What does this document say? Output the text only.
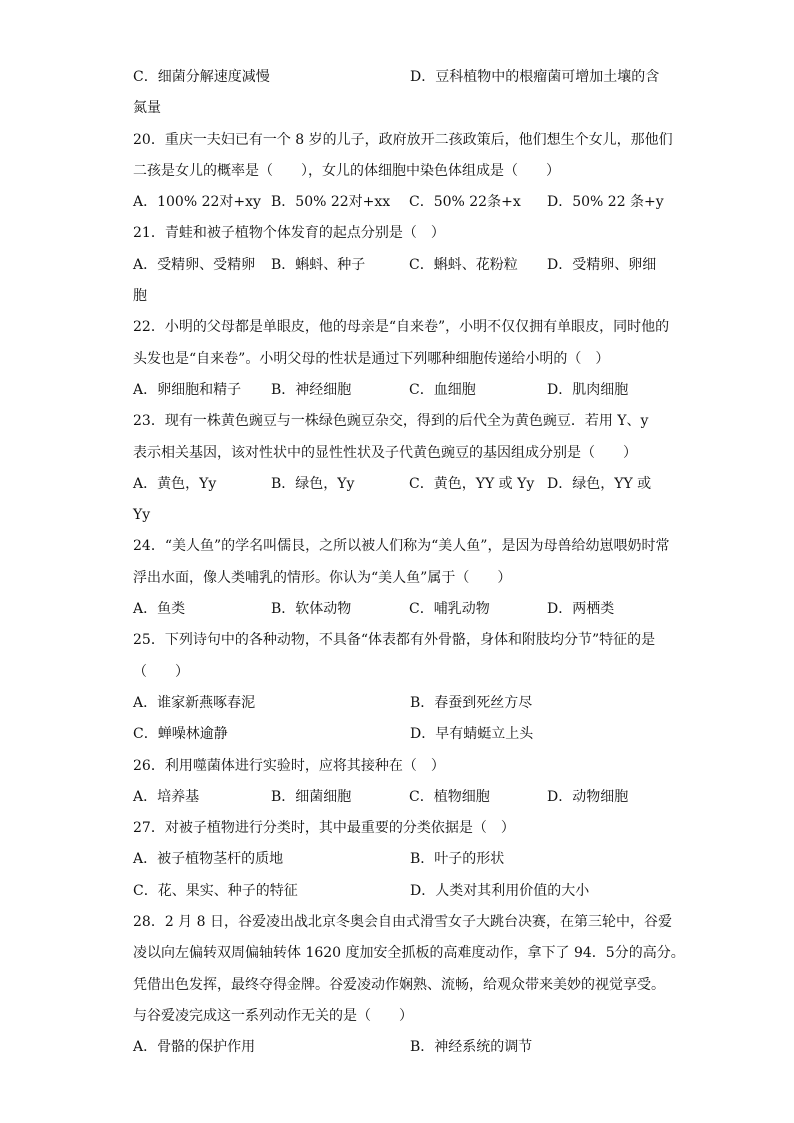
C．细菌分解速度减慢	D．豆科植物中的根瘤菌可增加土壤的含
氮量
20．重庆一夫妇已有一个 8 岁的儿子，政府放开二孩政策后，他们想生个女儿，那他们
二孩是女儿的概率是（　　），女儿的体细胞中染色体组成是（　　）
A．100% 22对+xy B．50% 22对+xx	C．50% 22条+x	D．50% 22 条+y
21．青蛙和被子植物个体发育的起点分别是（　）
A．受精卵、受精卵	B．蝌蚪、种子	C．蝌蚪、花粉粒	D．受精卵、卵细
胞
22．小明的父母都是单眼皮，他的母亲是“自来卷”，小明不仅仅拥有单眼皮，同时他的
头发也是“自来卷”。小明父母的性状是通过下列哪种细胞传递给小明的（　）
A．卵细胞和精子	B．神经细胞	C．血细胞	D．肌肉细胞
23．现有一株黄色豌豆与一株绿色豌豆杂交，得到的后代全为黄色豌豆．若用 Y、y
表示相关基因，该对性状中的显性性状及子代黄色豌豆的基因组成分别是（　　）
A．黄色，Yy	B．绿色，Yy	C．黄色，YY 或 Yy D．绿色，YY 或
Yy
24．“美人鱼”的学名叫儒艮，之所以被人们称为“美人鱼”，是因为母兽给幼崽喂奶时常
浮出水面，像人类哺乳的情形。你认为“美人鱼”属于（　　）
A．鱼类	B．软体动物	C．哺乳动物	D．两栖类
25．下列诗句中的各种动物，不具备“体表都有外骨骼，身体和附肢均分节”特征的是
（　　）
A．谁家新燕啄春泥	B．春蚕到死丝方尽
C．蝉噪林逾静	D．早有蜻蜓立上头
26．利用噬菌体进行实验时，应将其接种在（　）
A．培养基	B．细菌细胞	C．植物细胞	D．动物细胞
27．对被子植物进行分类时，其中最重要的分类依据是（　）
A．被子植物茎杆的质地	B．叶子的形状
C．花、果实、种子的特征	D．人类对其利用价值的大小
28．2 月 8 日，谷爱凌出战北京冬奥会自由式滑雪女子大跳台决赛，在第三轮中，谷爱
凌以向左偏转双周偏轴转体 1620 度加安全抓板的高难度动作，拿下了 94．5分的高分。
凭借出色发挥，最终夺得金牌。谷爱凌动作娴熟、流畅，给观众带来美妙的视觉享受。
与谷爱凌完成这一系列动作无关的是（　　）
A．骨骼的保护作用	B．神经系统的调节
